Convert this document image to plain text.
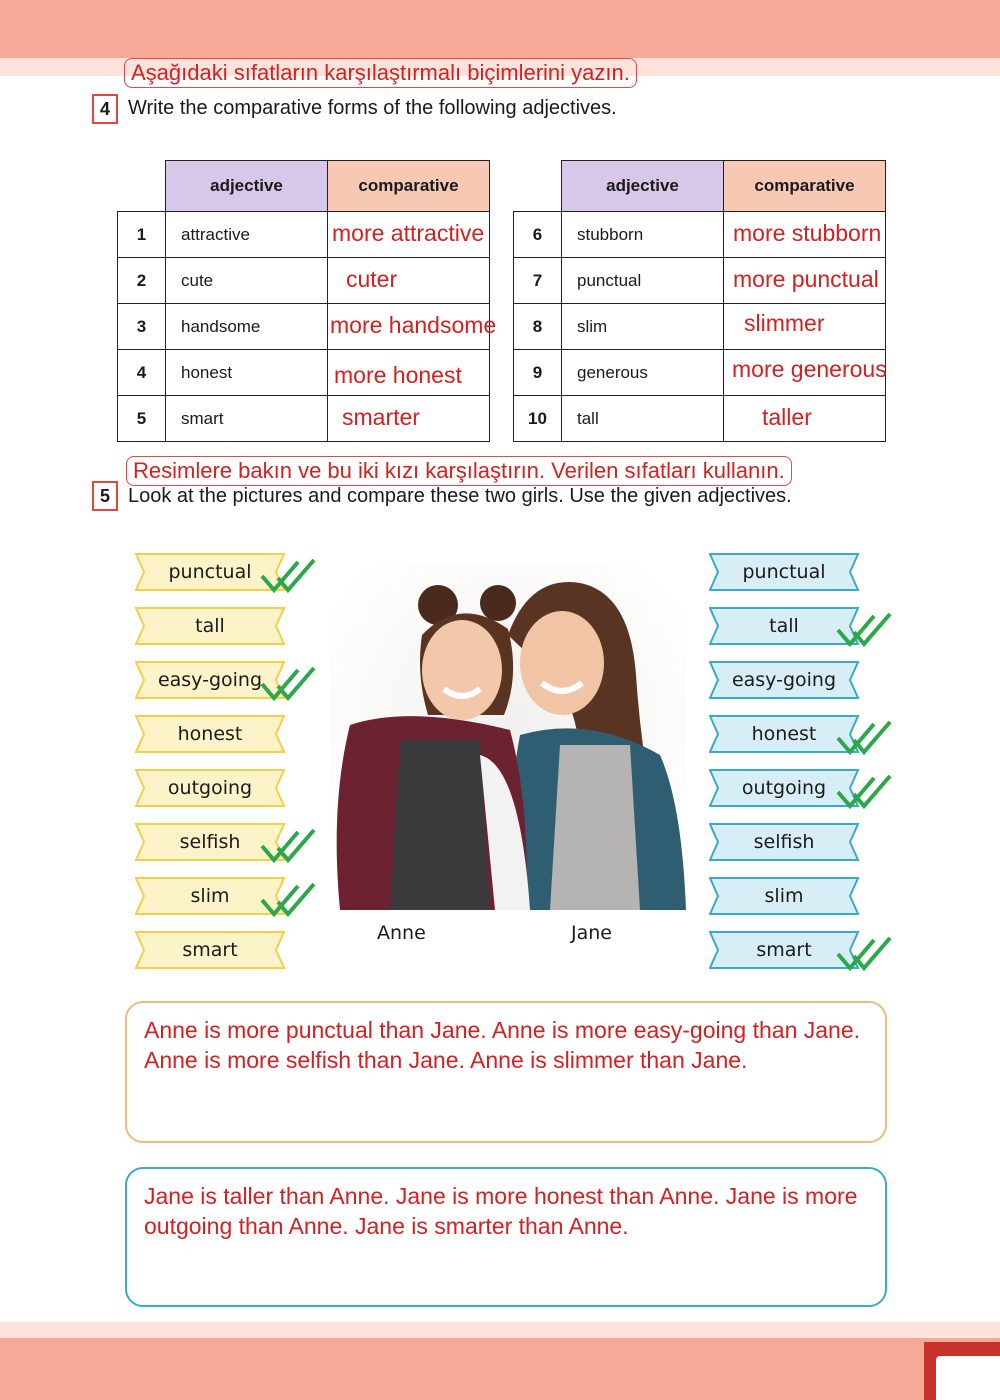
Aşağıdaki sıfatların karşılaştırmalı biçimlerini yazın.
4 Write the comparative forms of the following adjectives.
	adjective	comparative
1	attractive	more attractive

2	cute	cuter

3	handsome	more handsome

4	honest	more honest

5	smart	smarter
	adjective	comparative
6	stubborn	more stubborn

7	punctual	more punctual

8	slim	slimmer

9	generous	more generous

10	tall	taller
Resimlere bakın ve bu iki kızı karşılaştırın. Verilen sıfatları kullanın.
5 Look at the pictures and compare these two girls. Use the given adjectives.
punctual
tall
easy-going
honest
outgoing
selfish
slim
smart
punctual
tall
easy-going
honest
outgoing
selfish
slim
smart
Anne	Jane
Anne is more punctual than Jane. Anne is more easy-going than Jane. Anne is more selfish than Jane. Anne is slimmer than Jane.
Jane is taller than Anne. Jane is more honest than Anne. Jane is more outgoing than Anne. Jane is smarter than Anne.
